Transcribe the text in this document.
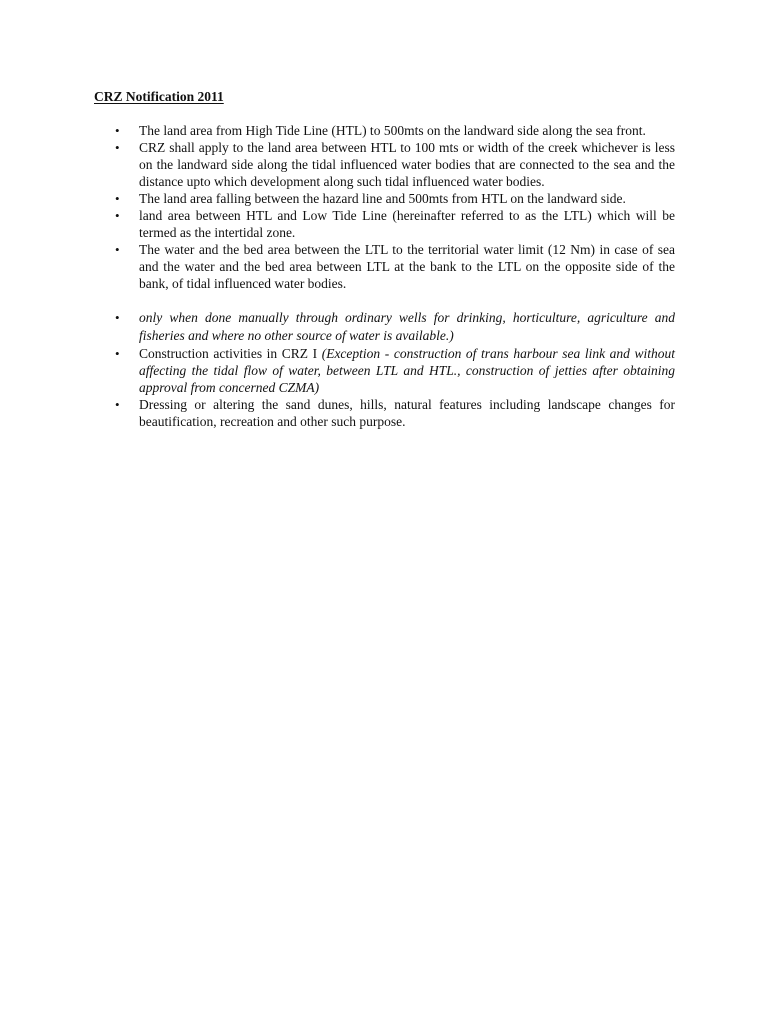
CRZ Notification 2011
•	The land area from High Tide Line (HTL) to 500mts on the landward side along the sea front.
•	CRZ shall apply to the land area between HTL to 100 mts or width of the creek whichever is less on the landward side along the tidal influenced water bodies that are connected to the sea and the distance upto which development along such tidal influenced water bodies.
•	The land area falling between the hazard line and 500mts from HTL on the landward side.
•	land area between HTL and Low Tide Line (hereinafter referred to as the LTL) which will be termed as the intertidal zone.
•	The water and the bed area between the LTL to the territorial water limit (12 Nm) in case of sea and the water and the bed area between LTL at the bank to the LTL on the opposite side of the bank, of tidal influenced water bodies.
•	only when done manually through ordinary wells for drinking, horticulture, agriculture and fisheries and where no other source of water is available.)
•	Construction activities in CRZ I (Exception - construction of trans harbour sea link and without affecting the tidal flow of water, between LTL and HTL., construction of jetties after obtaining approval from concerned CZMA)
•	Dressing or altering the sand dunes, hills, natural features including landscape changes for beautification, recreation and other such purpose.
